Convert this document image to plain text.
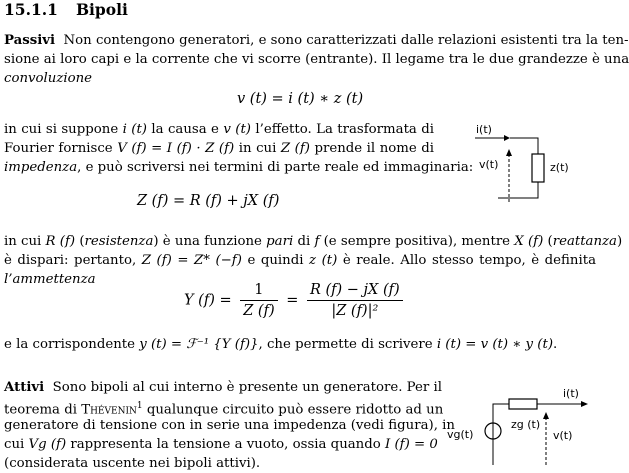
15.1.1 Bipoli
Passivi Non contengono generatori, e sono caratterizzati dalle relazioni esistenti tra la ten-
sione ai loro capi e la corrente che vi scorre (entrante). Il legame tra le due grandezze è una
convoluzione
v (t) = i (t) ∗ z (t)
in cui si suppone i (t) la causa e v (t) l’effetto. La trasformata di
Fourier fornisce V (f) = I (f) · Z (f) in cui Z (f) prende il nome di
impedenza, e può scriversi nei termini di parte reale ed immaginaria:
Z (f) = R (f) + jX (f)
in cui R (f) (resistenza) è una funzione pari di f (e sempre positiva), mentre X (f) (reattanza)
è dispari: pertanto, Z (f) = Z* (−f) e quindi z (t) è reale. Allo stesso tempo, è definita
l’ammettenza
Y $(f) = \frac{1}{Z (f)} = \frac{R (f) - jX (f)}{\text{|Z (f)|²}}$
e la corrispondente y (t) = ℱ⁻¹ {Y (f)}, che permette di scrivere i (t) = v (t) ∗ y (t).
Attivi Sono bipoli al cui interno è presente un generatore. Per il
teorema di Thévenin$^1$ qualunque circuito può essere ridotto ad un
generatore di tensione con in serie una impedenza (vedi figura), in
cui Vg (f) rappresenta la tensione a vuoto, ossia quando I (f) = 0
(considerata uscente nei bipoli attivi).
i(t)
z(t)
v(t)
i(t)
vg(t)
zg (t)
v(t)
